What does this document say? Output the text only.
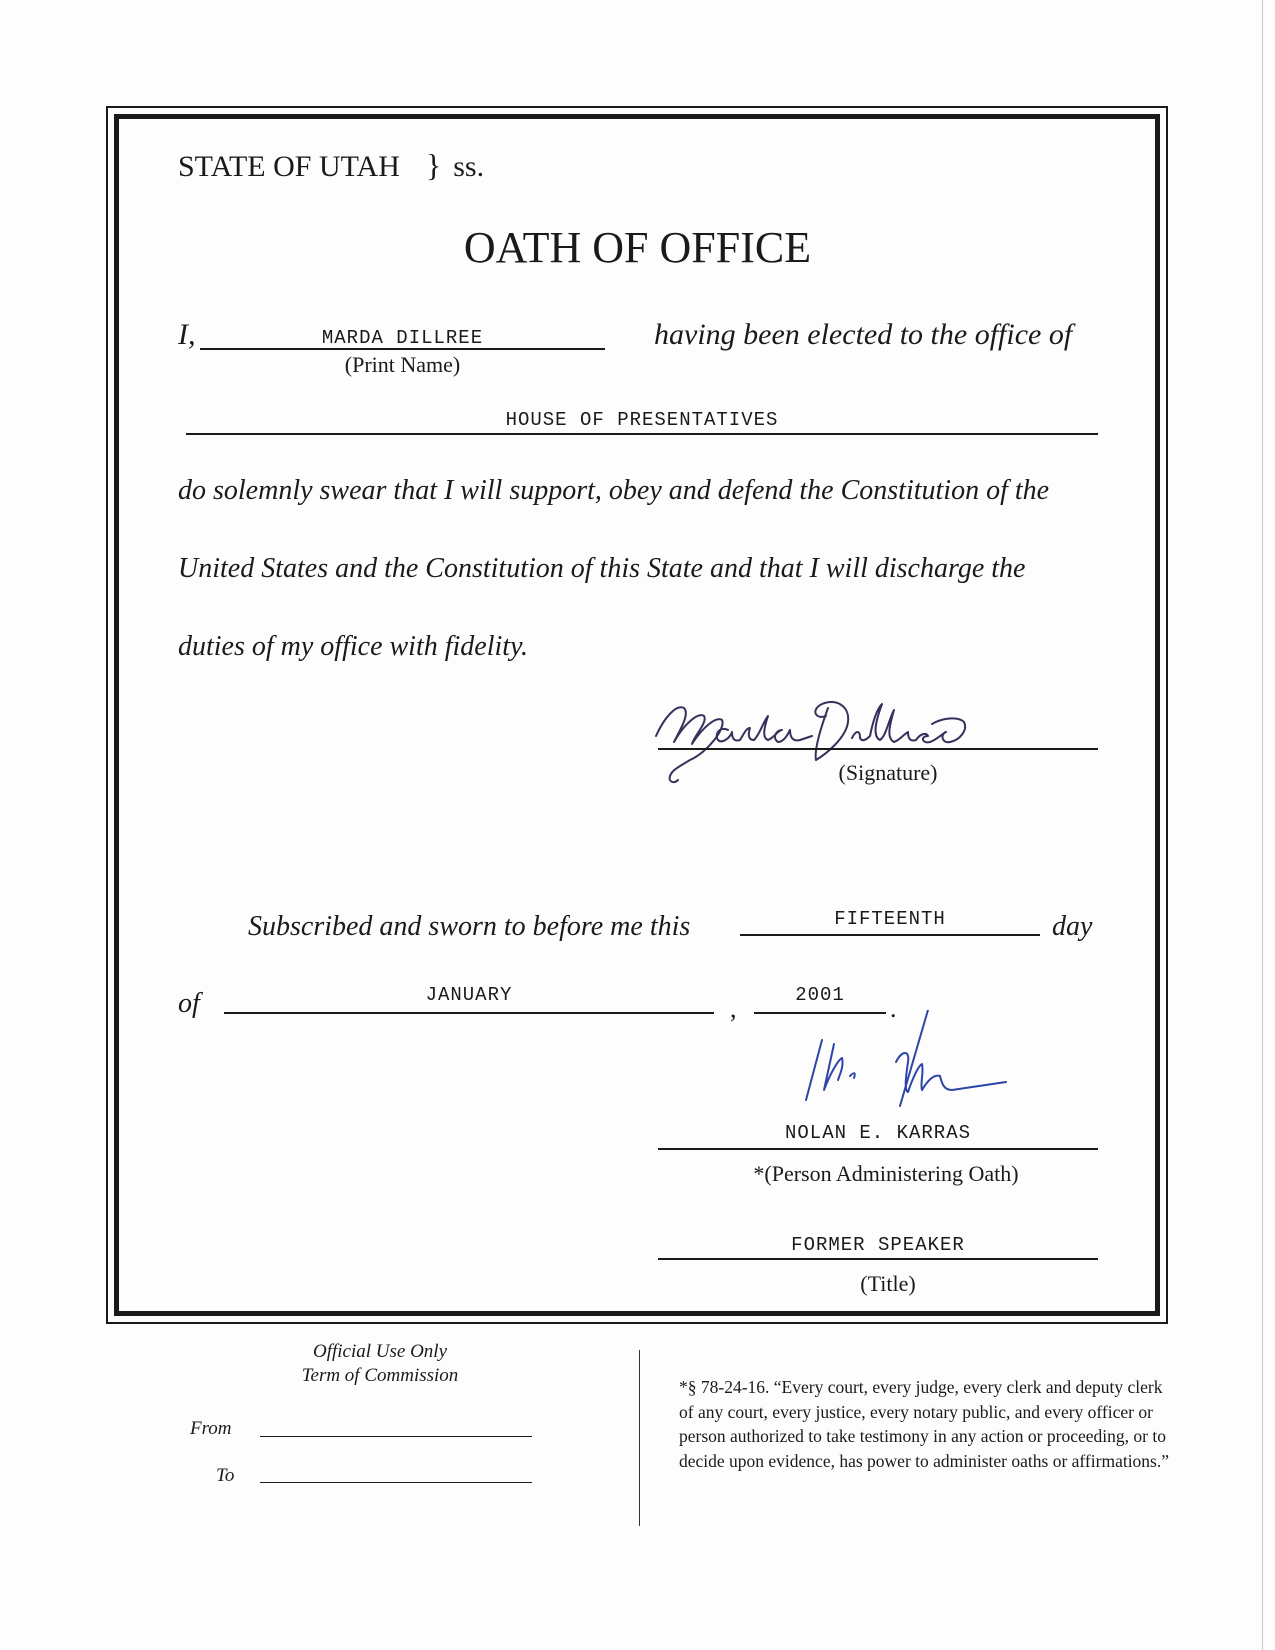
STATE OF UTAH } ss.
OATH OF OFFICE
I,	MARDA DILLREE
(Print Name)
having been elected to the office of
HOUSE OF PRESENTATIVES
do solemnly swear that I will support, obey and defend the Constitution of the
United States and the Constitution of this State and that I will discharge the
duties of my office with fidelity.
(Signature)
Subscribed and sworn to before me this	FIFTEENTH	day
of	JANUARY	,	2001	.
NOLAN E. KARRAS
*(Person Administering Oath)
FORMER SPEAKER
(Title)
Official Use Only
Term of Commission
From
To
*§ 78-24-16. “Every court, every judge, every clerk and deputy clerk of any court, every justice, every notary public, and every officer or person authorized to take testimony in any action or proceeding, or to decide upon evidence, has power to administer oaths or affirmations.”
